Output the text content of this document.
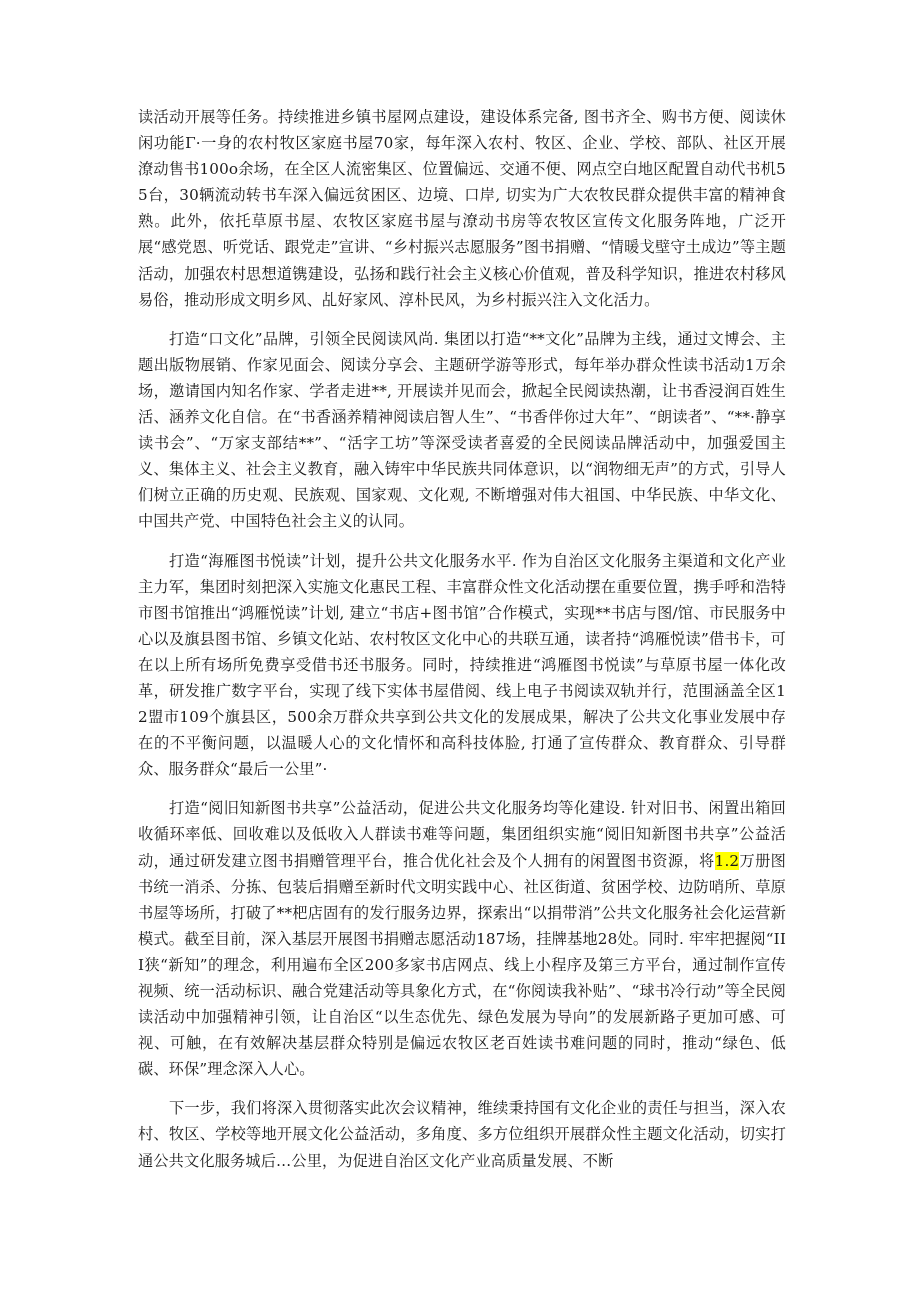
读活动开展等任务。持续推进乡镇书屋网点建设，建设体系完备, 图书齐全、购书方便、阅读休闲功能Γ·一身的农村牧区家庭书屋70家，每年深入农村、牧区、企业、学校、部队、社区开展潦动售书100o余场，在全区人流密集区、位置偏远、交通不便、网点空白地区配置自动代书机55台，30辆流动转书车深入偏远贫困区、边境、口岸, 切实为广大农牧民群众提供丰富的精神食熟。此外，依托草原书屋、农牧区家庭书屋与潦动书房等农牧区宣传文化服务阵地，广泛开展“感党恩、听党话、跟党走”宣讲、“乡村振兴志愿服务”图书捐赠、“情暖戈壁守土成边”等主题活动，加强农村思想道镌建设，弘扬和践行社会主义核心价值观，普及科学知识，推进农村移风易俗，推动形成文明乡风、乩好家风、淳朴民风，为乡村振兴注入文化活力。

打造“口文化”品牌，引领全民阅读风尚. 集团以打造“**文化”品牌为主线，通过文博会、主题出版物展销、作家见面会、阅读分享会、主题研学游等形式，每年举办群众性读书活动1万余场，邀请国内知名作家、学者走进**, 开展读并见而会，掀起全民阅读热潮，让书香浸润百姓生活、涵养文化自信。在“书香涵养精神阅读启智人生”、“书香伴你过大年”、“朗读者”、“**·静享读书会”、“万家支部结**”、“活字工坊”等深受读者喜爱的全民阅读品牌活动中，加强爱国主义、集体主义、社会主义教育，融入铸牢中华民族共同体意识，以“润物细无声”的方式，引导人们树立正确的历史观、民族观、国家观、文化观, 不断增强对伟大祖国、中华民族、中华文化、中国共产党、中国特色社会主义的认同。

打造“海雁图书悦读”计划，提升公共文化服务水平. 作为自治区文化服务主渠道和文化产业主力军，集团时刻把深入实施文化惠民工程、丰富群众性文化活动摆在重要位置，携手呼和浩特市图书馆推出“鸿雁悦读”计划, 建立“书店+图书馆”合作模式，实现**书店与图/馆、市民服务中心以及旗县图书馆、乡镇文化站、农村牧区文化中心的共联互通，读者持“鸿雁悦读”借书卡，可在以上所有场所免费享受借书还书服务。同时，持续推进“鸿雁图书悦读”与草原书屋一体化改革，研发推广数字平台，实现了线下实体书屋借阅、线上电子书阅读双轨并行，范围涵盖全区12盟市109个旗县区，500余万群众共享到公共文化的发展成果，解决了公共文化事业发展中存在的不平衡问题，以温暖人心的文化情怀和高科技体脸, 打通了宣传群众、教育群众、引导群众、服务群众“最后一公里”·

打造“阅旧知新图书共享”公益活动，促进公共文化服务均等化建设. 针对旧书、闲置出箱回收循环率低、回收难以及低收入人群读书难等问题，集团组织实施“阅旧知新图书共享”公益活动，通过研发建立图书捐赠管理平台，推合优化社会及个人拥有的闲置图书资源，将1.2万册图书统一消杀、分拣、包装后捐赠至新时代文明实践中心、社区街道、贫困学校、边防哨所、草原书屋等场所，打破了**杷店固有的发行服务边界，探索出“以捐带消”公共文化服务社会化运营新模式。截至目前，深入基层开展图书捐赠志愿活动187场，挂牌基地28处。同时. 牢牢把握阅“III狭“新知”的理念，利用遍布全区200多家书店网点、线上小程序及第三方平台，通过制作宣传视频、统一活动标识、融合党建活动等具象化方式，在“你阅读我补贴”、“球书冷行动”等全民阅读活动中加强精神引领，让自治区“以生态优先、绿色发展为导向”的发展新路子更加可感、可视、可触，在有效解决基层群众特别是偏远农牧区老百姓读书难问题的同时，推动“绿色、低碳、环保”理念深入人心。

下一步，我们将深入贯彻落实此次会议精神，维续秉持国有文化企业的责任与担当，深入农村、牧区、学校等地开展文化公益活动，多角度、多方位组织开展群众性主题文化活动，切实打通公共文化服务城后…公里，为促进自治区文化产业高质量发展、不断
